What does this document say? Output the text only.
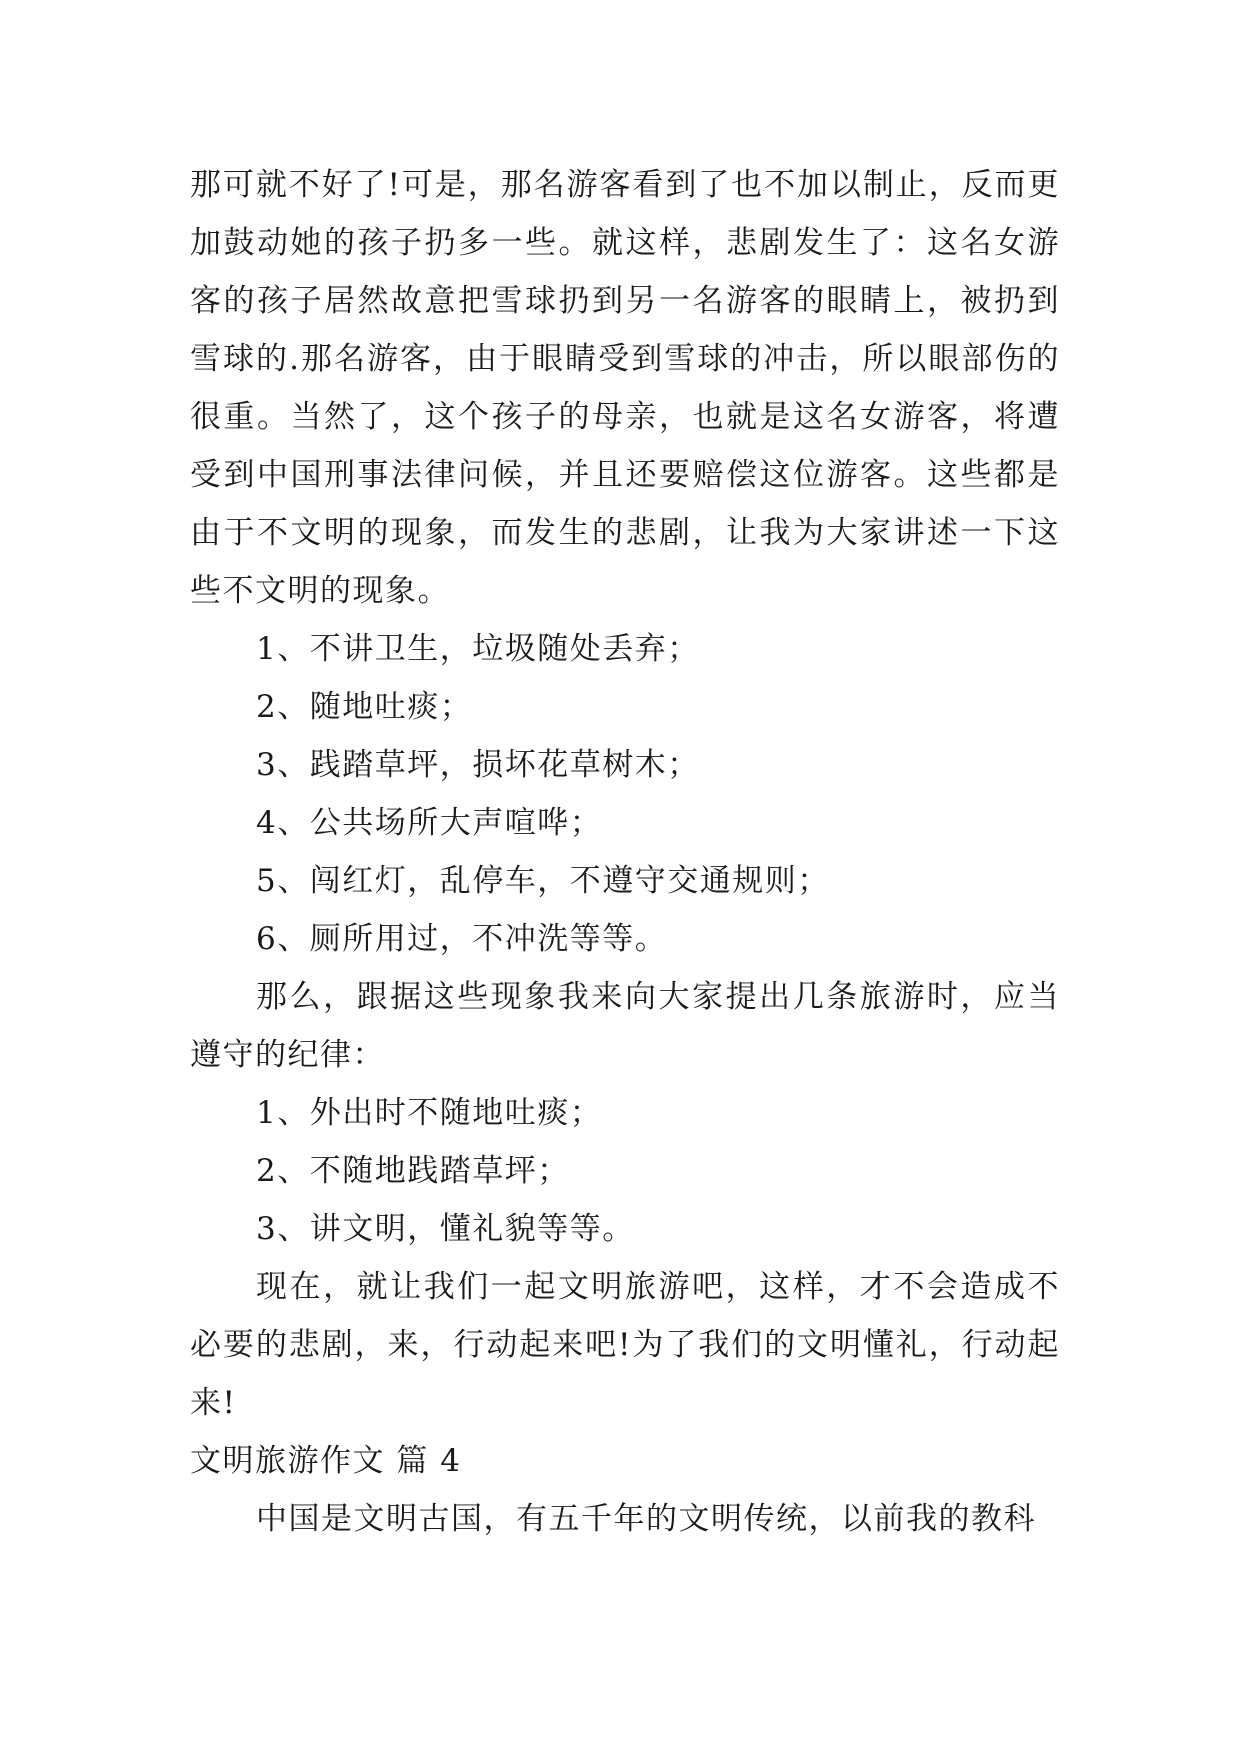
那可就不好了!可是，那名游客看到了也不加以制止，反而更加鼓动她的孩子扔多一些。就这样，悲剧发生了：这名女游客的孩子居然故意把雪球扔到另一名游客的眼睛上，被扔到雪球的.那名游客，由于眼睛受到雪球的冲击，所以眼部伤的很重。当然了，这个孩子的母亲，也就是这名女游客，将遭受到中国刑事法律问候，并且还要赔偿这位游客。这些都是由于不文明的现象，而发生的悲剧，让我为大家讲述一下这些不文明的现象。

1、不讲卫生，垃圾随处丢弃；

2、随地吐痰；

3、践踏草坪，损坏花草树木；

4、公共场所大声喧哗；

5、闯红灯，乱停车，不遵守交通规则；

6、厕所用过，不冲洗等等。

那么，跟据这些现象我来向大家提出几条旅游时，应当遵守的纪律：

1、外出时不随地吐痰；

2、不随地践踏草坪；

3、讲文明，懂礼貌等等。

现在，就让我们一起文明旅游吧，这样，才不会造成不必要的悲剧，来，行动起来吧!为了我们的文明懂礼，行动起来!

文明旅游作文 篇 4

中国是文明古国，有五千年的文明传统，以前我的教科
